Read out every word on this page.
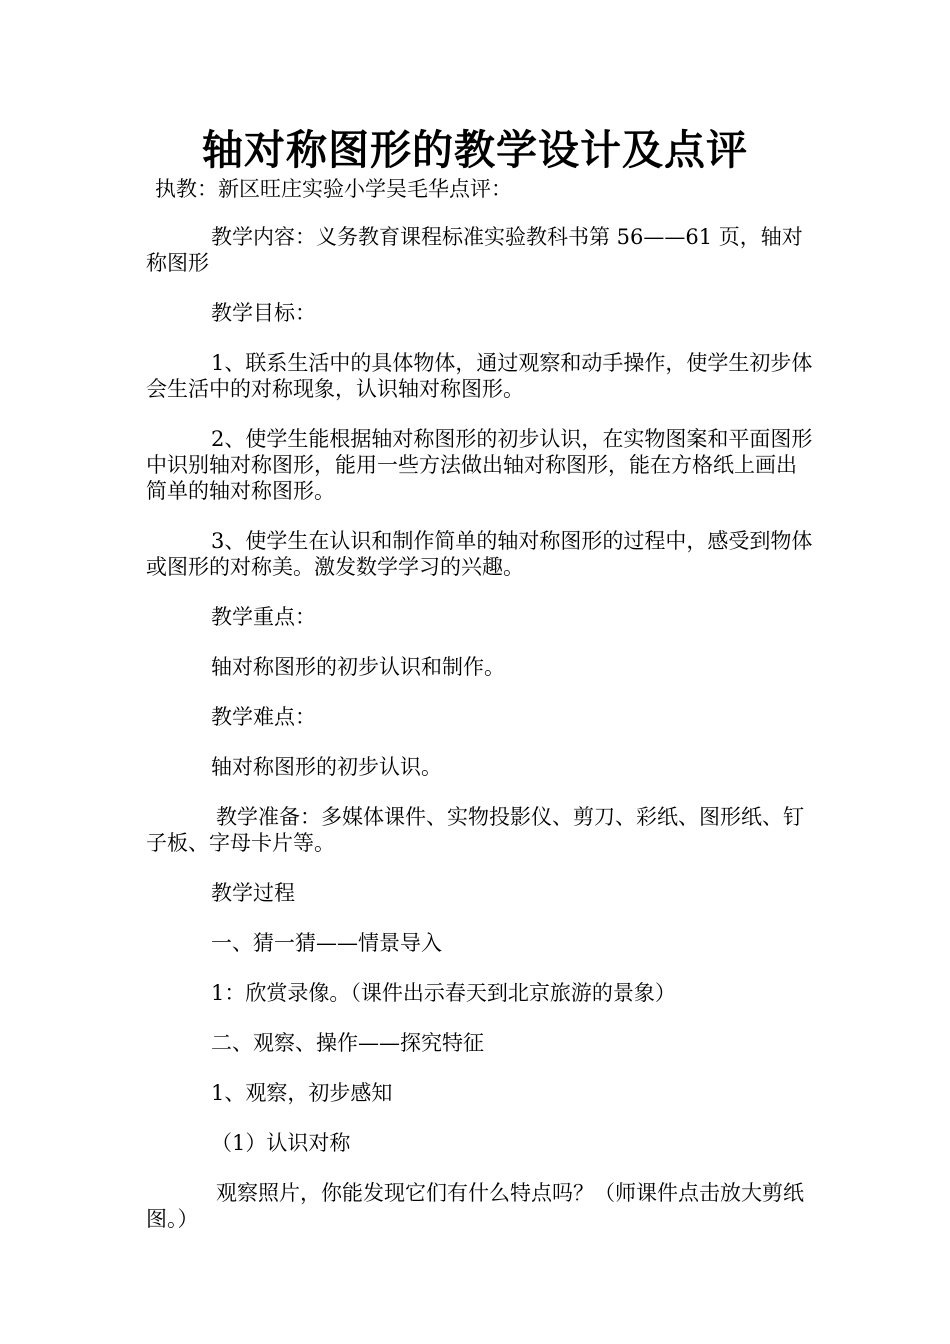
轴对称图形的教学设计及点评
执教：新区旺庄实验小学吴毛华点评：

教学内容：义务教育课程标准实验教科书第 56——61 页，轴对称图形

教学目标：

1、联系生活中的具体物体，通过观察和动手操作，使学生初步体会生活中的对称现象，认识轴对称图形。

2、使学生能根据轴对称图形的初步认识，在实物图案和平面图形中识别轴对称图形，能用一些方法做出轴对称图形，能在方格纸上画出简单的轴对称图形。

3、使学生在认识和制作简单的轴对称图形的过程中，感受到物体或图形的对称美。激发数学学习的兴趣。

教学重点：

轴对称图形的初步认识和制作。

教学难点：

轴对称图形的初步认识。

教学准备：多媒体课件、实物投影仪、剪刀、彩纸、图形纸、钉子板、字母卡片等。

教学过程

一、猜一猜——情景导入

1：欣赏录像。（课件出示春天到北京旅游的景象）

二、观察、操作——探究特征

1、观察，初步感知

（1）认识对称

观察照片，你能发现它们有什么特点吗？（师课件点击放大剪纸图。）
